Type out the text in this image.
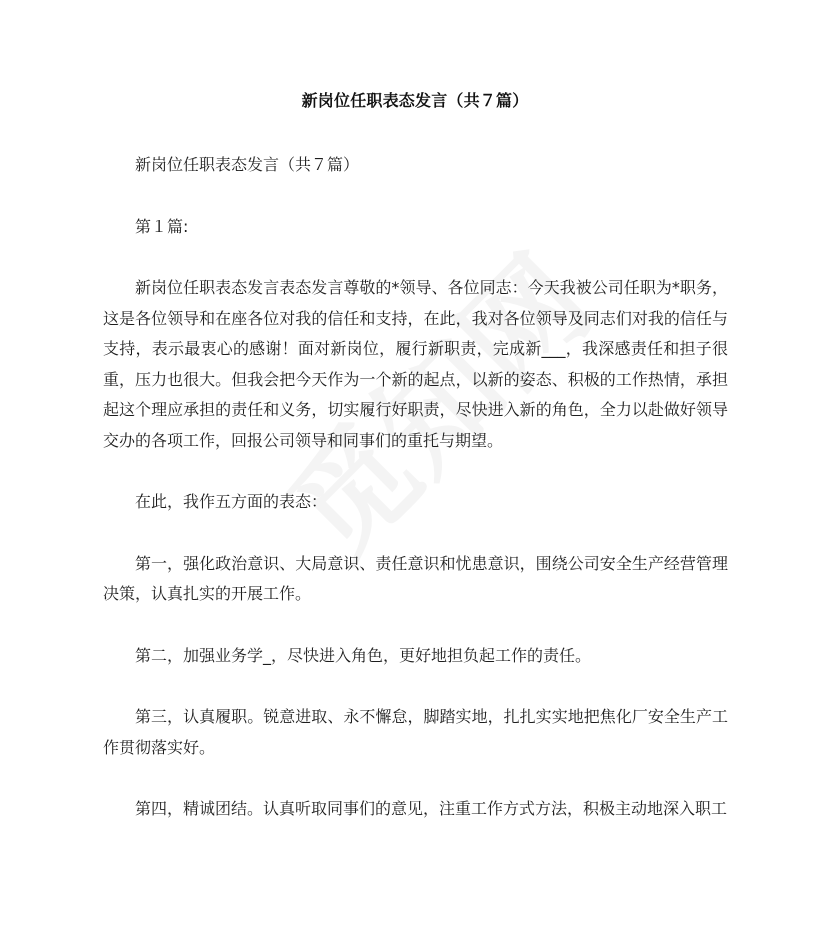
新岗位任职表态发言（共７篇）

新岗位任职表态发言（共７篇）

第１篇:

新岗位任职表态发言表态发言尊敬的*领导、各位同志：今天我被公司任职为*职务，这是各位领导和在座各位对我的信任和支持，在此，我对各位领导及同志们对我的信任与支持，表示最衷心的感谢！面对新岗位，履行新职责，完成新___，我深感责任和担子很重，压力也很大。但我会把今天作为一个新的起点，以新的姿态、积极的工作热情，承担起这个理应承担的责任和义务，切实履行好职责，尽快进入新的角色，全力以赴做好领导交办的各项工作，回报公司领导和同事们的重托与期望。

在此，我作五方面的表态：

第一，强化政治意识、大局意识、责任意识和忧患意识，围绕公司安全生产经营管理决策，认真扎实的开展工作。

第二，加强业务学_，尽快进入角色，更好地担负起工作的责任。

第三，认真履职。锐意进取、永不懈怠，脚踏实地，扎扎实实地把焦化厂安全生产工作贯彻落实好。

第四，精诚团结。认真听取同事们的意见，注重工作方式方法，积极主动地深入职工
